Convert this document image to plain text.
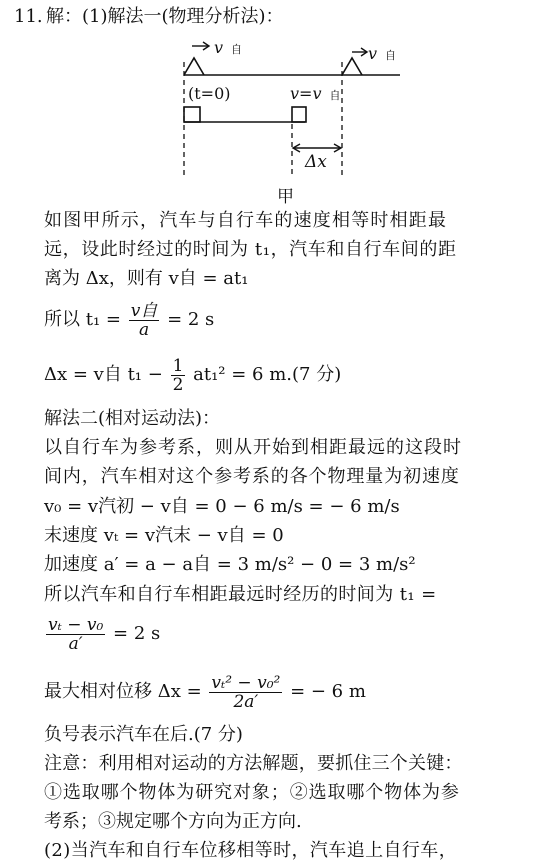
11. 解：(1)解法一(物理分析法)：
v 自	v 自
(t=0)	v=v 自
Δx
甲
如图甲所示，汽车与自行车的速度相等时相距最
远，设此时经过的时间为 t₁，汽车和自行车间的距
离为 Δx，则有 v自 = at₁
所以 $t_1 = \frac{\text{v自}}{a} = 2$ s
Δx = v自 $t_1 - \frac{1}{2} at_1^2 = 6$ m.(7 分)
解法二(相对运动法)：
以自行车为参考系，则从开始到相距最远的这段时
间内，汽车相对这个参考系的各个物理量为初速度
v₀ = v汽初 − v自 = 0 − 6 m/s = − 6 m/s
末速度 vₜ = v汽末 − v自 = 0
加速度 a′ = a − a自 = 3 m/s² − 0 = 3 m/s²
所以汽车和自行车相距最远时经历的时间为 t₁ =
$\frac{\text{vₜ − v₀}}{a'} = 2$ s
最大相对位移 $\Delta x = \frac{\text{vₜ² − v₀²}}{2a'}$ = − 6 m
负号表示汽车在后.(7 分)
注意：利用相对运动的方法解题，要抓住三个关键：
①选取哪个物体为研究对象；②选取哪个物体为参
考系；③规定哪个方向为正方向.
(2)当汽车和自行车位移相等时，汽车追上自行车，
